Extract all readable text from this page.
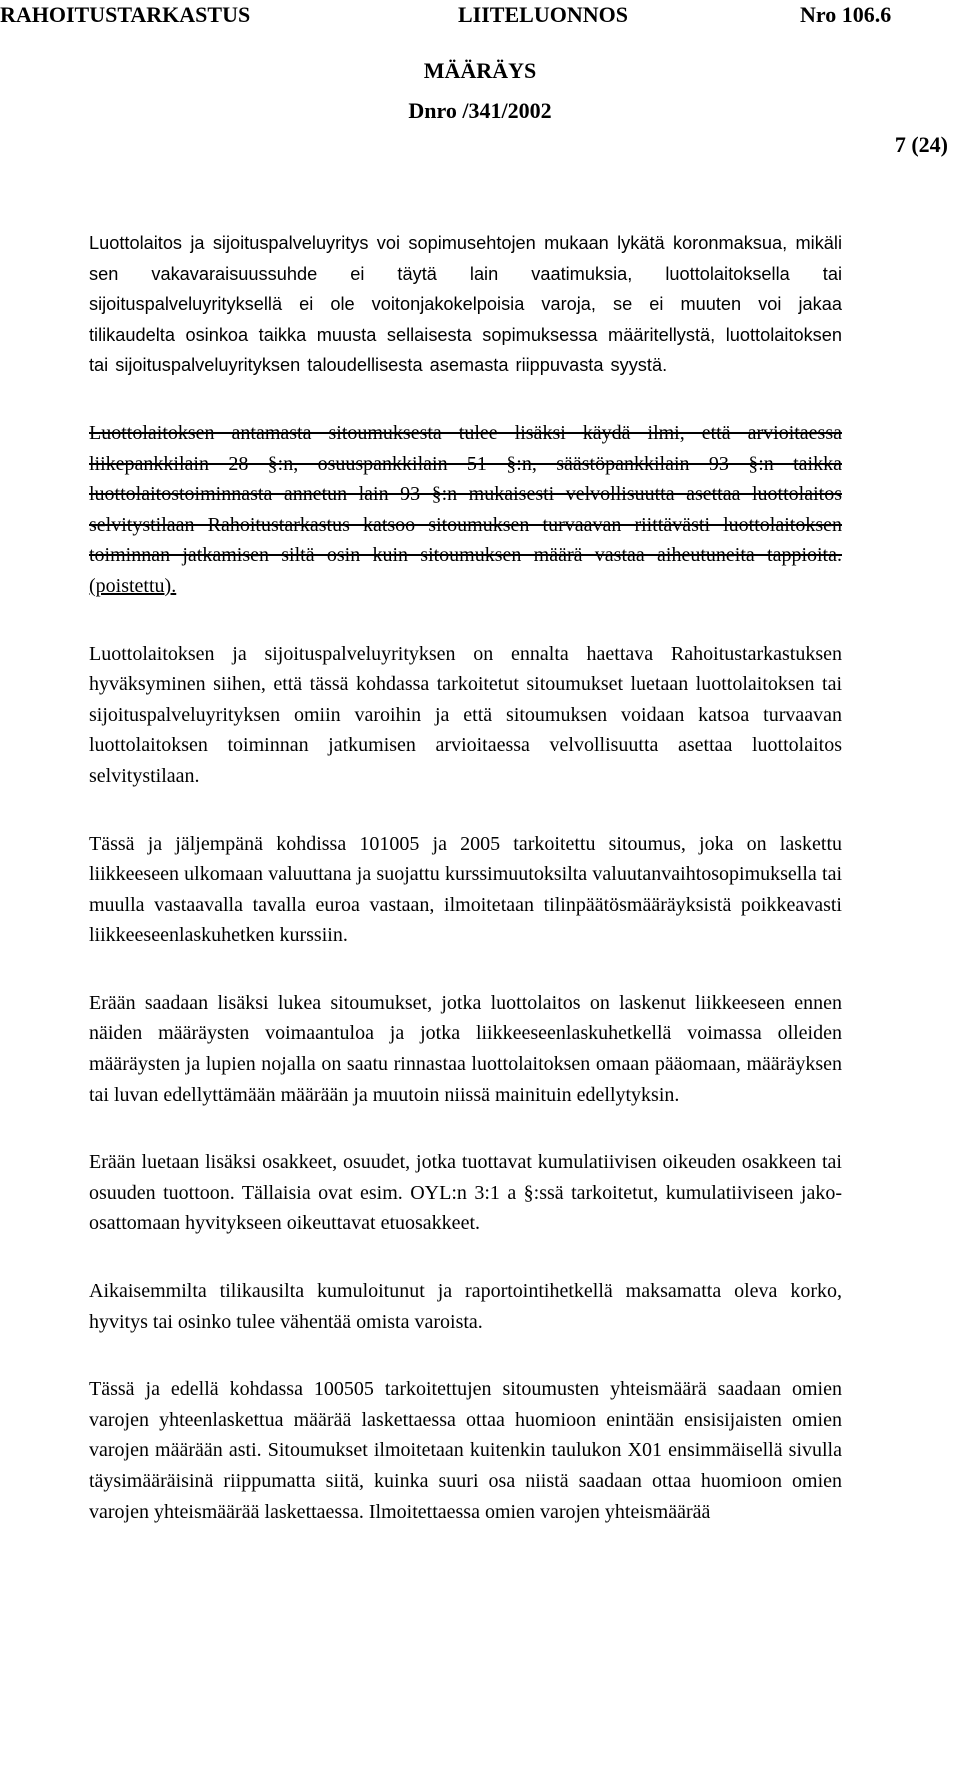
RAHOITUSTARKASTUS	LIITELUONNOS	Nro 106.6
MÄÄRÄYS
Dnro /341/2002
7 (24)

Luottolaitos ja sijoituspalveluyritys voi sopimusehtojen mukaan lykätä koronmaksua, mikäli sen vakavaraisuussuhde ei täytä lain vaatimuksia, luottolaitoksella tai sijoituspalveluyrityksellä ei ole voitonjakokelpoisia varoja, se ei muuten voi jakaa tilikaudelta osinkoa taikka muusta sellaisesta sopimuksessa määritellystä, luottolaitoksen tai sijoituspalveluyrityksen taloudellisesta asemasta riippuvasta syystä.

Luottolaitoksen antamasta sitoumuksesta tulee lisäksi käydä ilmi, että arvioitaessa liikepankkilain 28 §:n, osuuspankkilain 51 §:n, säästöpankkilain 93 §:n taikka luottolaitostoiminnasta annetun lain 93 §:n mukaisesti velvollisuutta asettaa luottolaitos selvitystilaan Rahoitustarkastus katsoo sitoumuksen turvaavan riittävästi luottolaitoksen toiminnan jatkamisen siltä osin kuin sitoumuksen määrä vastaa aiheutuneita tappioita.(poistettu).

Luottolaitoksen ja sijoituspalveluyrityksen on ennalta haettava Rahoitustarkastuksen hyväksyminen siihen, että tässä kohdassa tarkoitetut sitoumukset luetaan luottolaitoksen tai sijoituspalveluyrityksen omiin varoihin ja että sitoumuksen voidaan katsoa turvaavan luottolaitoksen toiminnan jatkumisen arvioitaessa velvollisuutta asettaa luottolaitos selvitystilaan.

Tässä ja jäljempänä kohdissa 101005 ja 2005 tarkoitettu sitoumus, joka on laskettu liikkeeseen ulkomaan valuuttana ja suojattu kurssimuutoksilta valuutanvaihtosopimuksella tai muulla vastaavalla tavalla euroa vastaan, ilmoitetaan tilinpäätösmääräyksistä poikkeavasti liikkeeseenlaskuhetken kurssiin.

Erään saadaan lisäksi lukea sitoumukset, jotka luottolaitos on laskenut liikkeeseen ennen näiden määräysten voimaantuloa ja jotka liikkeeseenlaskuhetkellä voimassa olleiden määräysten ja lupien nojalla on saatu rinnastaa luottolaitoksen omaan pääomaan, määräyksen tai luvan edellyttämään määrään ja muutoin niissä mainituin edellytyksin.

Erään luetaan lisäksi osakkeet, osuudet, jotka tuottavat kumulatiivisen oikeuden osakkeen tai osuuden tuottoon. Tällaisia ovat esim. OYL:n 3:1 a §:ssä tarkoitetut, kumulatiiviseen jako-osattomaan hyvitykseen oikeuttavat etuosakkeet.

Aikaisemmilta tilikausilta kumuloitunut ja raportointihetkellä maksamatta oleva korko, hyvitys tai osinko tulee vähentää omista varoista.

Tässä ja edellä kohdassa 100505 tarkoitettujen sitoumusten yhteismäärä saadaan omien varojen yhteenlaskettua määrää laskettaessa ottaa huomioon enintään ensisijaisten omien varojen määrään asti. Sitoumukset ilmoitetaan kuitenkin taulukon X01 ensimmäisellä sivulla täysimääräisinä riippumatta siitä, kuinka suuri osa niistä saadaan ottaa huomioon omien varojen yhteismäärää laskettaessa. Ilmoitettaessa omien varojen yhteismäärää
